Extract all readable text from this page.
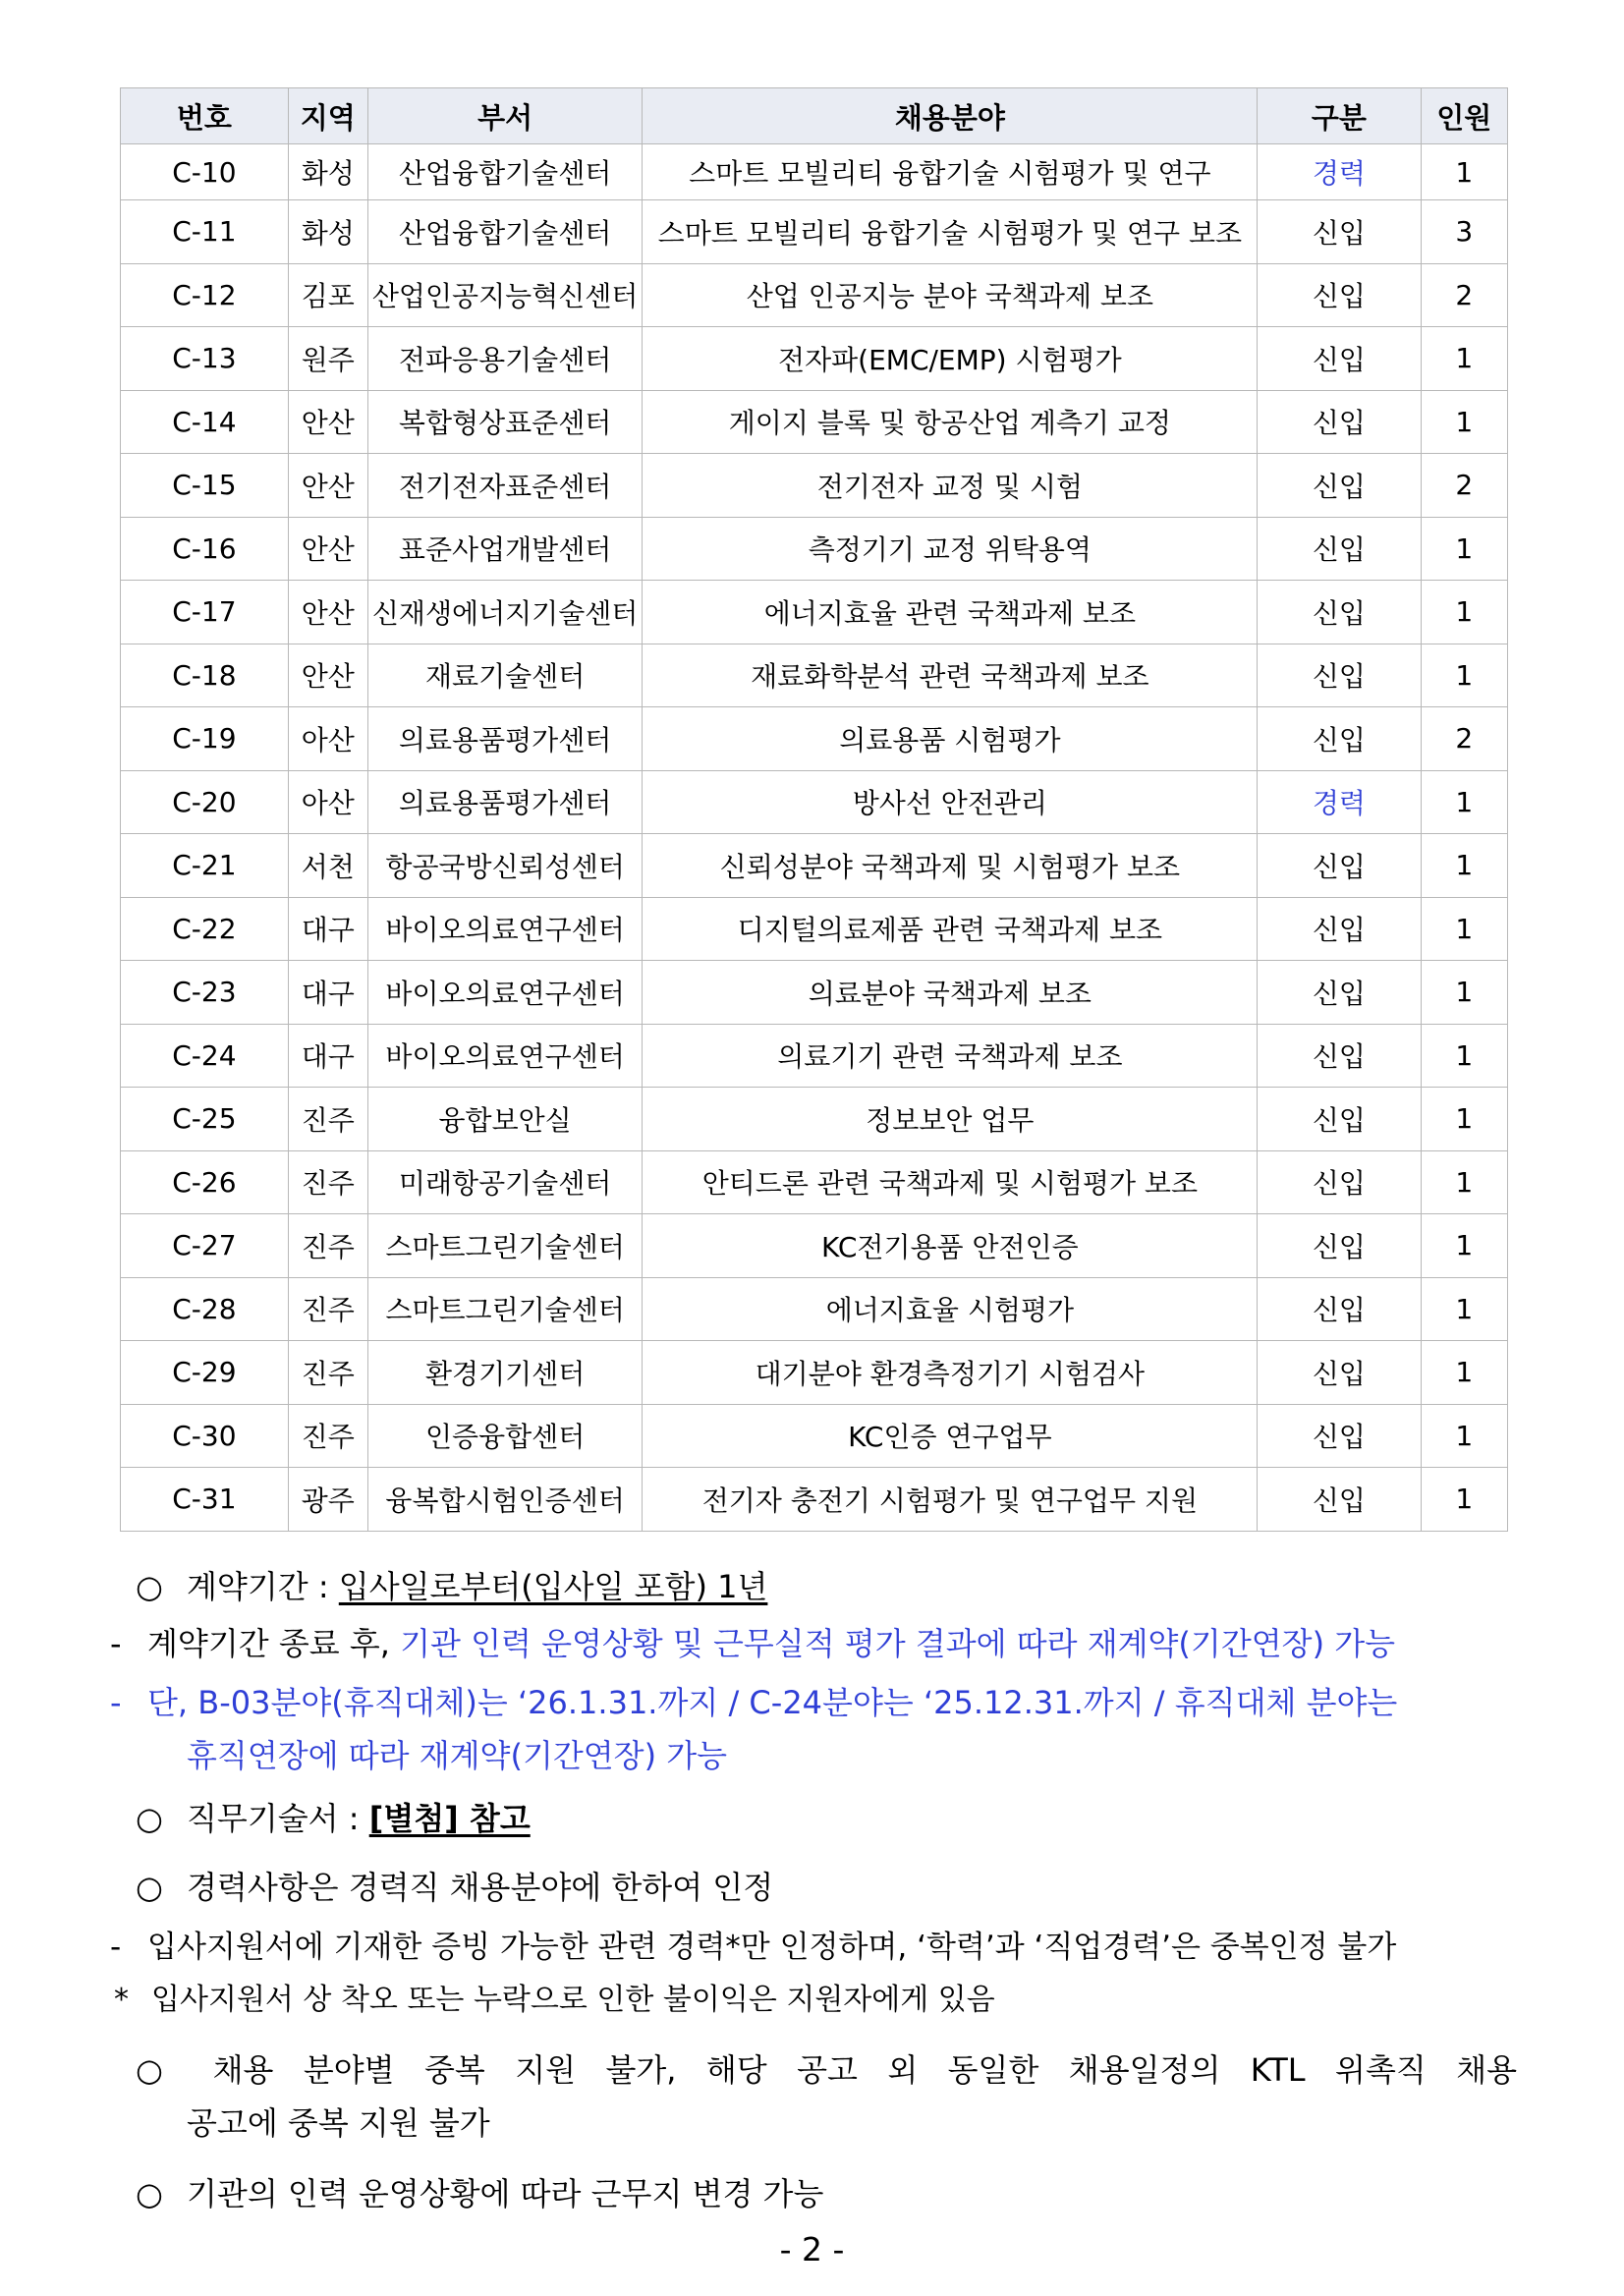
번호	지역	부서	채용분야	구분	인원
C-10	화성	산업융합기술센터	스마트 모빌리티 융합기술 시험평가 및 연구	경력	1
C-11	화성	산업융합기술센터	스마트 모빌리티 융합기술 시험평가 및 연구 보조	신입	3
C-12	김포	산업인공지능혁신센터	산업 인공지능 분야 국책과제 보조	신입	2
C-13	원주	전파응용기술센터	전자파(EMC/EMP) 시험평가	신입	1
C-14	안산	복합형상표준센터	게이지 블록 및 항공산업 계측기 교정	신입	1
C-15	안산	전기전자표준센터	전기전자 교정 및 시험	신입	2
C-16	안산	표준사업개발센터	측정기기 교정 위탁용역	신입	1
C-17	안산	신재생에너지기술센터	에너지효율 관련 국책과제 보조	신입	1
C-18	안산	재료기술센터	재료화학분석 관련 국책과제 보조	신입	1
C-19	아산	의료용품평가센터	의료용품 시험평가	신입	2
C-20	아산	의료용품평가센터	방사선 안전관리	경력	1
C-21	서천	항공국방신뢰성센터	신뢰성분야 국책과제 및 시험평가 보조	신입	1
C-22	대구	바이오의료연구센터	디지털의료제품 관련 국책과제 보조	신입	1
C-23	대구	바이오의료연구센터	의료분야 국책과제 보조	신입	1
C-24	대구	바이오의료연구센터	의료기기 관련 국책과제 보조	신입	1
C-25	진주	융합보안실	정보보안 업무	신입	1
C-26	진주	미래항공기술센터	안티드론 관련 국책과제 및 시험평가 보조	신입	1
C-27	진주	스마트그린기술센터	KC전기용품 안전인증	신입	1
C-28	진주	스마트그린기술센터	에너지효율 시험평가	신입	1
C-29	진주	환경기기센터	대기분야 환경측정기기 시험검사	신입	1
C-30	진주	인증융합센터	KC인증 연구업무	신입	1
C-31	광주	융복합시험인증센터	전기자 충전기 시험평가 및 연구업무 지원	신입	1
○ 계약기간 : 입사일로부터(입사일 포함) 1년
- 계약기간 종료 후, 기관 인력 운영상황 및 근무실적 평가 결과에 따라 재계약(기간연장) 가능
- 단, B-03분야(휴직대체)는 ‘26.1.31.까지 / C-24분야는 ‘25.12.31.까지 / 휴직대체 분야는
휴직연장에 따라 재계약(기간연장) 가능
○ 직무기술서 : [별첨] 참고
○ 경력사항은 경력직 채용분야에 한하여 인정
- 입사지원서에 기재한 증빙 가능한 관련 경력*만 인정하며, ‘학력’과 ‘직업경력’은 중복인정 불가
* 입사지원서 상 착오 또는 누락으로 인한 불이익은 지원자에게 있음
○ 채용 분야별 중복 지원 불가, 해당 공고 외 동일한 채용일정의 KTL 위촉직 채용
공고에 중복 지원 불가
○ 기관의 인력 운영상황에 따라 근무지 변경 가능
- 2 -
